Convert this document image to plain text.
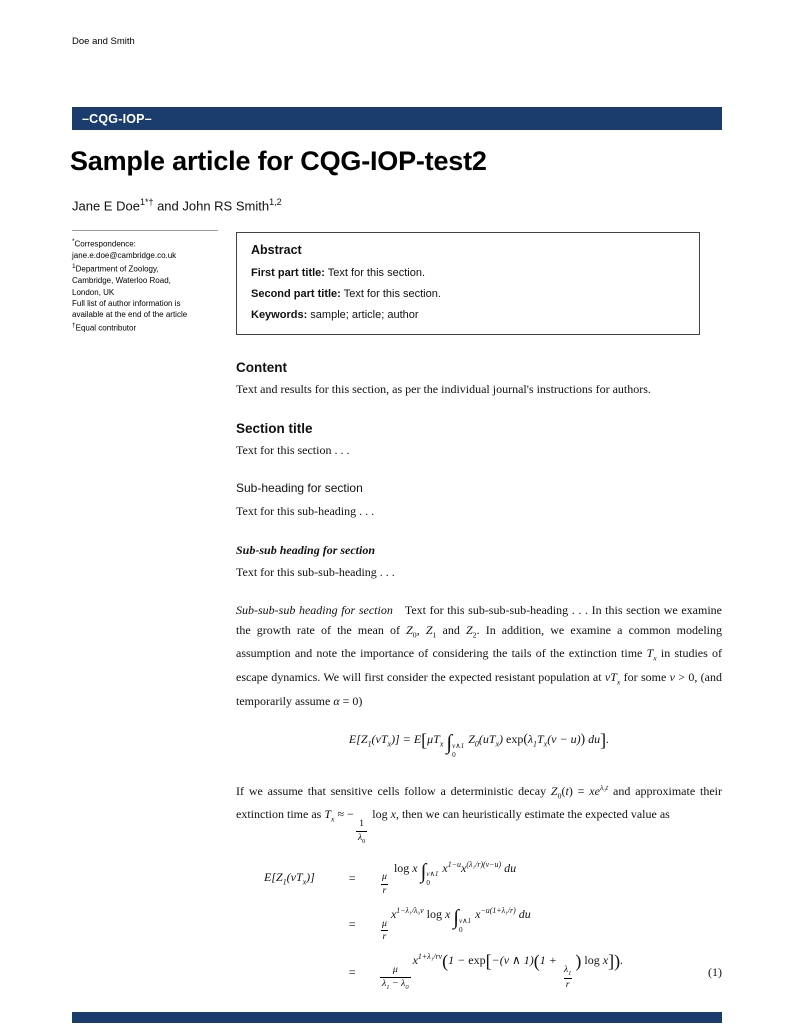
Doe and Smith
–CQG-IOP–
Sample article for CQG-IOP-test2
Jane E Doe$^{1*\dagger}$ and John RS Smith$^{1,2}$
*Correspondence:
jane.e.doe@cambridge.co.uk
$^1$Department of Zoology,
Cambridge, Waterloo Road,
London, UK
Full list of author information is
available at the end of the article
†Equal contributor
Abstract
First part title: Text for this section.
Second part title: Text for this section.
Keywords: sample; article; author
Content

Text and results for this section, as per the individual journal's instructions for authors.

Section title

Text for this section . . .

Sub-heading for section

Text for this sub-heading . . .

Sub-sub heading for section

Text for this sub-sub-heading . . .

Sub-sub-sub heading for section Text for this sub-sub-sub-heading . . . In this section we examine the growth rate of the mean of $Z_0$, $Z_1$ and $Z_2$. In addition, we examine a common modeling assumption and note the importance of considering the tails of the extinction time $T_x$ in studies of escape dynamics. We will first consider the expected resistant population at $vT_x$ for some v > 0, (and temporarily assume α = 0)

$E[Z_1(vT_x)] = E[\mu T_x$ ∫ v∧1
0
$Z_0(uT_x) \exp(\lambda_1T_x(v - u))$ du].

If we assume that sensitive cells follow a deterministic decay $Z_0(t) = xe^{\lambda_0t}$ and approximate their extinction time as $T_x$ ≈ −
$\frac{1}{\lambda_0}$
log x, then we can heuristically estimate the expected value as

$E[Z_1(vT_x)]$	=	$\frac{\mu}{r}$
log x ∫ v∧1
0
$x^{1-u}x^{(\lambda_1/r)(v-u)}$ du
=	$\frac{\mu}{r}$
$x^{1-\lambda_1/\lambda_0v}$ log x ∫ v∧1
0
$x^{-u(1+\lambda_1/r)}$ du
=	$\frac{\mu}{\lambda_1 - \lambda_0}$
$x^{1+\lambda_1/rv}(1 - \exp[-(v$ ∧ 1)(1 +
$\frac{\lambda_1}{r}$
) log x]).
(1)
